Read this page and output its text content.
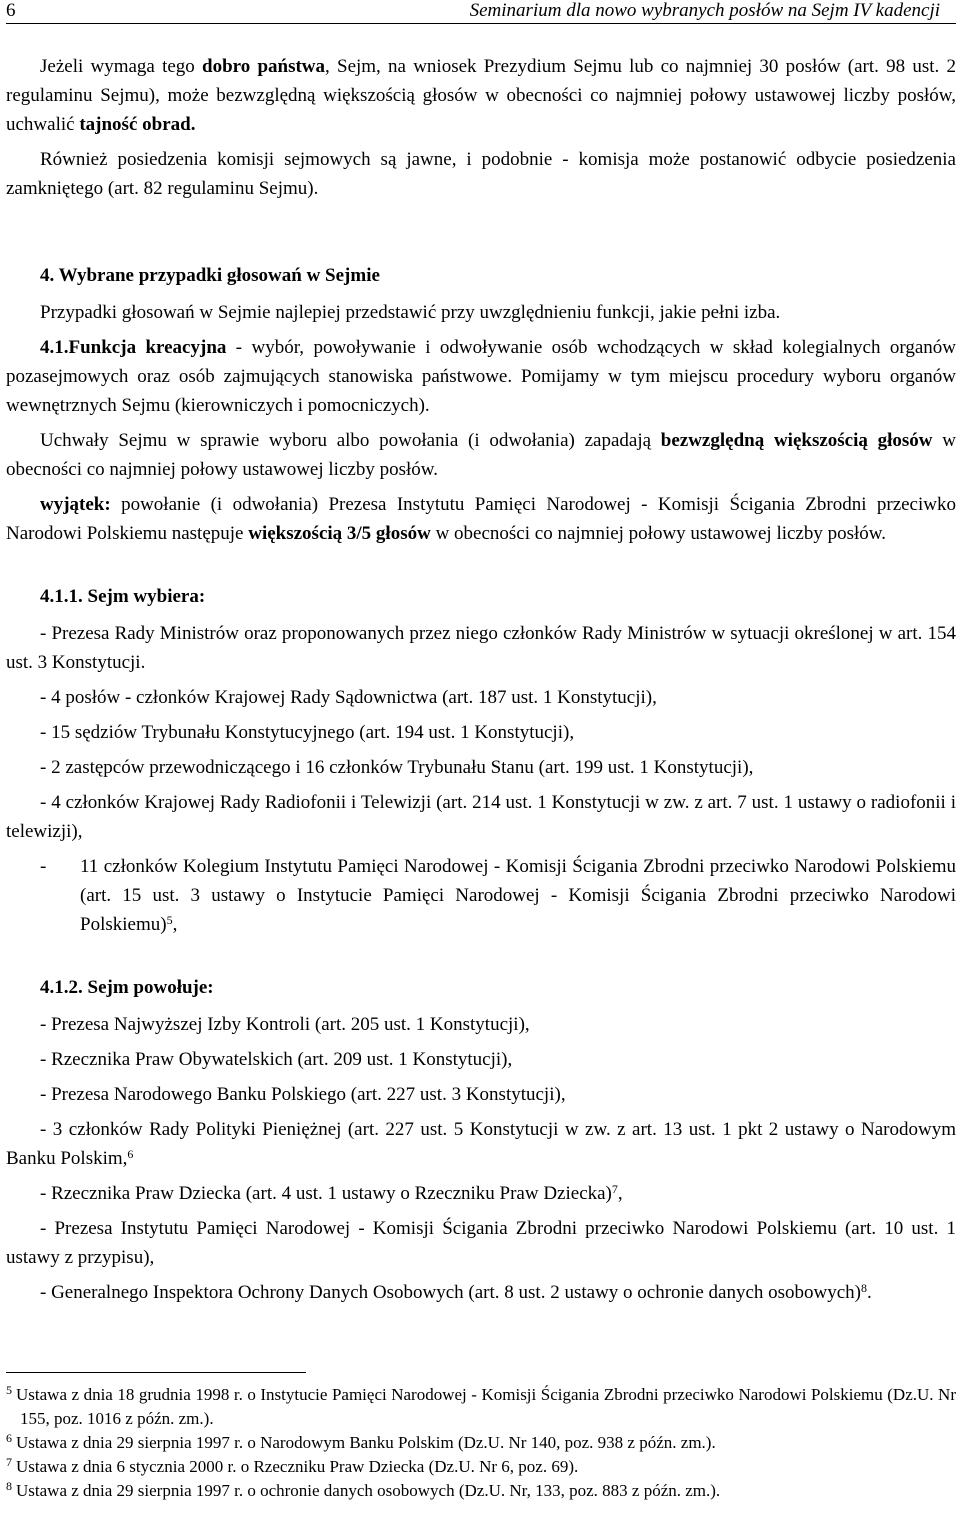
6	Seminarium dla nowo wybranych posłów na Sejm IV kadencji

Jeżeli wymaga tego dobro państwa, Sejm, na wniosek Prezydium Sejmu lub co najmniej 30 posłów (art. 98 ust. 2 regulaminu Sejmu), może bezwzględną większością głosów w obecności co najmniej połowy ustawowej liczby posłów, uchwalić tajność obrad.

Również posiedzenia komisji sejmowych są jawne, i podobnie - komisja może postanowić odbycie posiedzenia zamkniętego (art. 82 regulaminu Sejmu).

4. Wybrane przypadki głosowań w Sejmie

Przypadki głosowań w Sejmie najlepiej przedstawić przy uwzględnieniu funkcji, jakie pełni izba.

4.1.Funkcja kreacyjna - wybór, powoływanie i odwoływanie osób wchodzących w skład kolegialnych organów pozasejmowych oraz osób zajmujących stanowiska państwowe. Pomijamy w tym miejscu procedury wyboru organów wewnętrznych Sejmu (kierowniczych i pomocniczych).

Uchwały Sejmu w sprawie wyboru albo powołania (i odwołania) zapadają bezwzględną większością głosów w obecności co najmniej połowy ustawowej liczby posłów.

wyjątek: powołanie (i odwołania) Prezesa Instytutu Pamięci Narodowej - Komisji Ścigania Zbrodni przeciwko Narodowi Polskiemu następuje większością 3/5 głosów w obecności co najmniej połowy ustawowej liczby posłów.

4.1.1. Sejm wybiera:

- Prezesa Rady Ministrów oraz proponowanych przez niego członków Rady Ministrów w sytuacji określonej w art. 154 ust. 3 Konstytucji.

- 4 posłów - członków Krajowej Rady Sądownictwa (art. 187 ust. 1 Konstytucji),

- 15 sędziów Trybunału Konstytucyjnego (art. 194 ust. 1 Konstytucji),

- 2 zastępców przewodniczącego i 16 członków Trybunału Stanu (art. 199 ust. 1 Konstytucji),

- 4 członków Krajowej Rady Radiofonii i Telewizji (art. 214 ust. 1 Konstytucji w zw. z art. 7 ust. 1 ustawy o radiofonii i telewizji),

- 11 członków Kolegium Instytutu Pamięci Narodowej - Komisji Ścigania Zbrodni przeciwko Narodowi Polskiemu (art. 15 ust. 3 ustawy o Instytucie Pamięci Narodowej - Komisji Ścigania Zbrodni przeciwko Narodowi Polskiemu)$^5$,

4.1.2. Sejm powołuje:

- Prezesa Najwyższej Izby Kontroli (art. 205 ust. 1 Konstytucji),

- Rzecznika Praw Obywatelskich (art. 209 ust. 1 Konstytucji),

- Prezesa Narodowego Banku Polskiego (art. 227 ust. 3 Konstytucji),

- 3 członków Rady Polityki Pieniężnej (art. 227 ust. 5 Konstytucji w zw. z art. 13 ust. 1 pkt 2 ustawy o Narodowym Banku Polskim,$^6$

- Rzecznika Praw Dziecka (art. 4 ust. 1 ustawy o Rzeczniku Praw Dziecka)$^7$,

- Prezesa Instytutu Pamięci Narodowej - Komisji Ścigania Zbrodni przeciwko Narodowi Polskiemu (art. 10 ust. 1 ustawy z przypisu),

- Generalnego Inspektora Ochrony Danych Osobowych (art. 8 ust. 2 ustawy o ochronie danych osobowych)$^8$.

$^5$ Ustawa z dnia 18 grudnia 1998 r. o Instytucie Pamięci Narodowej - Komisji Ścigania Zbrodni przeciwko Narodowi Polskiemu (Dz.U. Nr 155, poz. 1016 z późn. zm.).

$^6$ Ustawa z dnia 29 sierpnia 1997 r. o Narodowym Banku Polskim (Dz.U. Nr 140, poz. 938 z późn. zm.).

$^7$ Ustawa z dnia 6 stycznia 2000 r. o Rzeczniku Praw Dziecka (Dz.U. Nr 6, poz. 69).

$^8$ Ustawa z dnia 29 sierpnia 1997 r. o ochronie danych osobowych (Dz.U. Nr, 133, poz. 883 z późn. zm.).
